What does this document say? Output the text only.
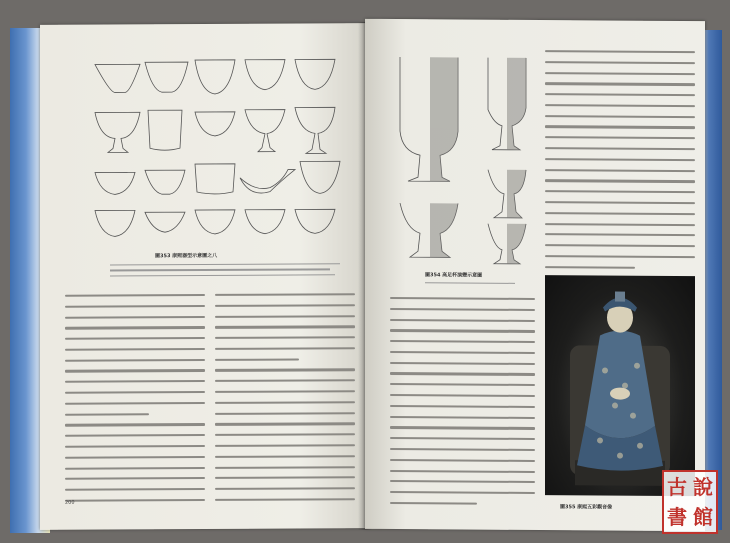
圖353 康熙器型示意圖之八
200
圖354 高足杯演變示意圖
圖355 康熙五彩觀音像
古 說
書 館
